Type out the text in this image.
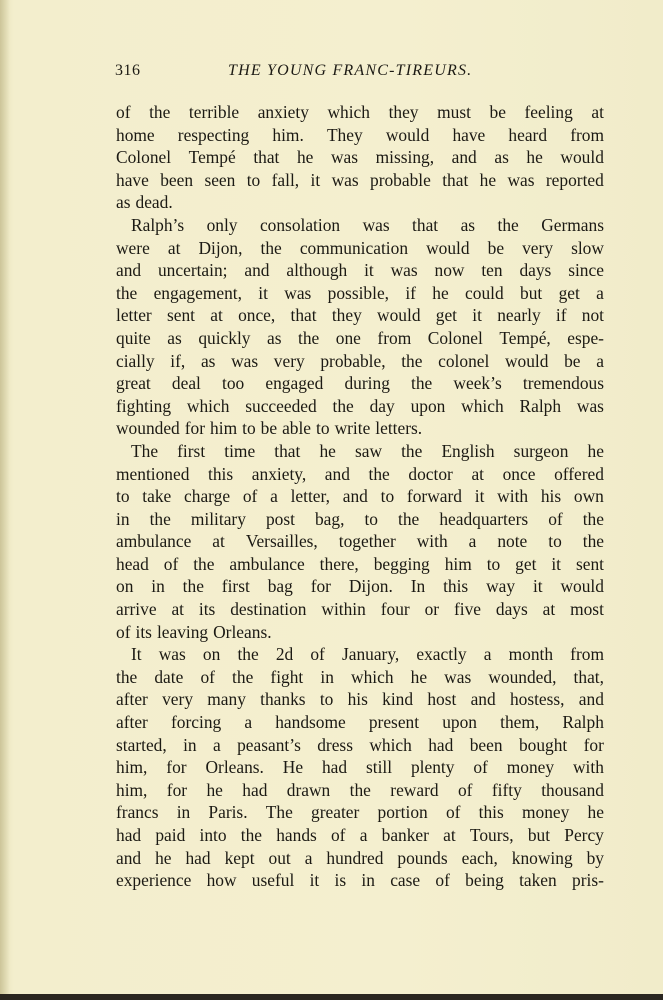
316	THE YOUNG FRANC-TIREURS.
of the terrible anxiety which they must be feeling at
home respecting him. They would have heard from
Colonel Tempé that he was missing, and as he would
have been seen to fall, it was probable that he was reported
as dead.
Ralph’s only consolation was that as the Germans
were at Dijon, the communication would be very slow
and uncertain; and although it was now ten days since
the engagement, it was possible, if he could but get a
letter sent at once, that they would get it nearly if not
quite as quickly as the one from Colonel Tempé, espe-
cially if, as was very probable, the colonel would be a
great deal too engaged during the week’s tremendous
fighting which succeeded the day upon which Ralph was
wounded for him to be able to write letters.
The first time that he saw the English surgeon he
mentioned this anxiety, and the doctor at once offered
to take charge of a letter, and to forward it with his own
in the military post bag, to the headquarters of the
ambulance at Versailles, together with a note to the
head of the ambulance there, begging him to get it sent
on in the first bag for Dijon. In this way it would
arrive at its destination within four or five days at most
of its leaving Orleans.
It was on the 2d of January, exactly a month from
the date of the fight in which he was wounded, that,
after very many thanks to his kind host and hostess, and
after forcing a handsome present upon them, Ralph
started, in a peasant’s dress which had been bought for
him, for Orleans. He had still plenty of money with
him, for he had drawn the reward of fifty thousand
francs in Paris. The greater portion of this money he
had paid into the hands of a banker at Tours, but Percy
and he had kept out a hundred pounds each, knowing by
experience how useful it is in case of being taken pris-
